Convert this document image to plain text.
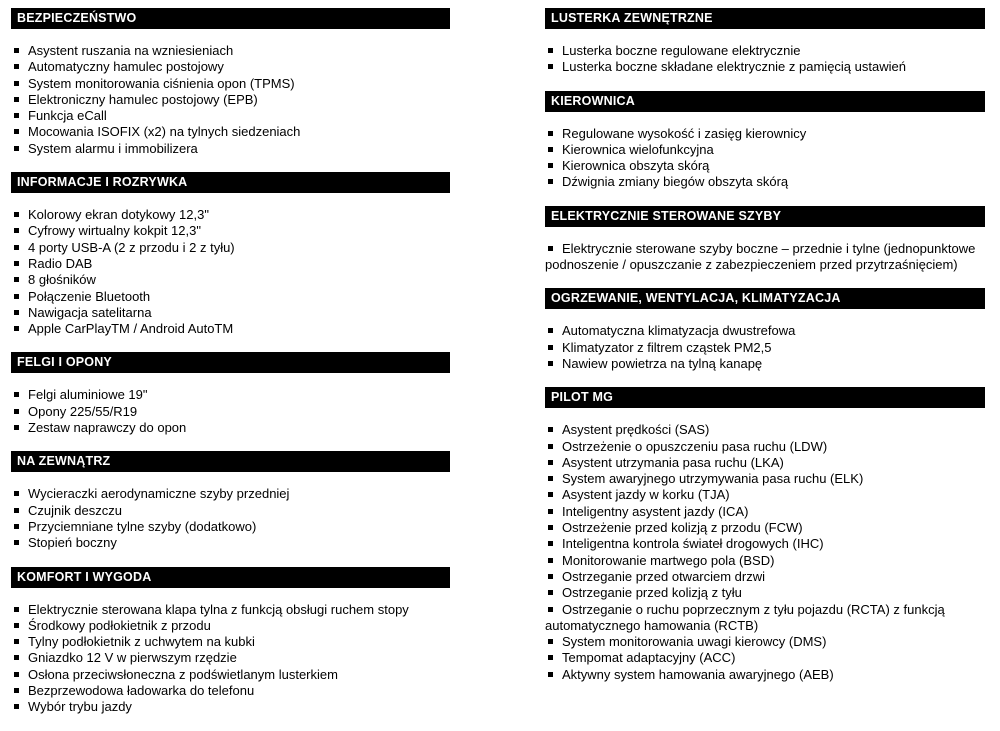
BEZPIECZEŃSTWO
Asystent ruszania na wzniesieniach
Automatyczny hamulec postojowy
System monitorowania ciśnienia opon (TPMS)
Elektroniczny hamulec postojowy (EPB)
Funkcja eCall
Mocowania ISOFIX (x2) na tylnych siedzeniach
System alarmu i immobilizera
INFORMACJE I ROZRYWKA
Kolorowy ekran dotykowy 12,3"
Cyfrowy wirtualny kokpit 12,3"
4 porty USB-A (2 z przodu i 2 z tyłu)
Radio DAB
8 głośników
Połączenie Bluetooth
Nawigacja satelitarna
Apple CarPlayTM / Android AutoTM
FELGI I OPONY
Felgi aluminiowe 19"
Opony 225/55/R19
Zestaw naprawczy do opon
NA ZEWNĄTRZ
Wycieraczki aerodynamiczne szyby przedniej
Czujnik deszczu
Przyciemniane tylne szyby (dodatkowo)
Stopień boczny
KOMFORT I WYGODA
Elektrycznie sterowana klapa tylna z funkcją obsługi ruchem stopy
Środkowy podłokietnik z przodu
Tylny podłokietnik z uchwytem na kubki
Gniazdko 12 V w pierwszym rzędzie
Osłona przeciwsłoneczna z podświetlanym lusterkiem
Bezprzewodowa ładowarka do telefonu
Wybór trybu jazdy
LUSTERKA ZEWNĘTRZNE
Lusterka boczne regulowane elektrycznie
Lusterka boczne składane elektrycznie z pamięcią ustawień
KIEROWNICA
Regulowane wysokość i zasięg kierownicy
Kierownica wielofunkcyjna
Kierownica obszyta skórą
Dźwignia zmiany biegów obszyta skórą
ELEKTRYCZNIE STEROWANE SZYBY
Elektrycznie sterowane szyby boczne – przednie i tylne (jednopunktowe podnoszenie / opuszczanie z zabezpieczeniem przed przytrzaśnięciem)
OGRZEWANIE, WENTYLACJA, KLIMATYZACJA
Automatyczna klimatyzacja dwustrefowa
Klimatyzator z filtrem cząstek PM2,5
Nawiew powietrza na tylną kanapę
PILOT MG
Asystent prędkości (SAS)
Ostrzeżenie o opuszczeniu pasa ruchu (LDW)
Asystent utrzymania pasa ruchu (LKA)
System awaryjnego utrzymywania pasa ruchu (ELK)
Asystent jazdy w korku (TJA)
Inteligentny asystent jazdy (ICA)
Ostrzeżenie przed kolizją z przodu (FCW)
Inteligentna kontrola świateł drogowych (IHC)
Monitorowanie martwego pola (BSD)
Ostrzeganie przed otwarciem drzwi
Ostrzeganie przed kolizją z tyłu
Ostrzeganie o ruchu poprzecznym z tyłu pojazdu (RCTA) z funkcją automatycznego hamowania (RCTB)
System monitorowania uwagi kierowcy (DMS)
Tempomat adaptacyjny (ACC)
Aktywny system hamowania awaryjnego (AEB)
